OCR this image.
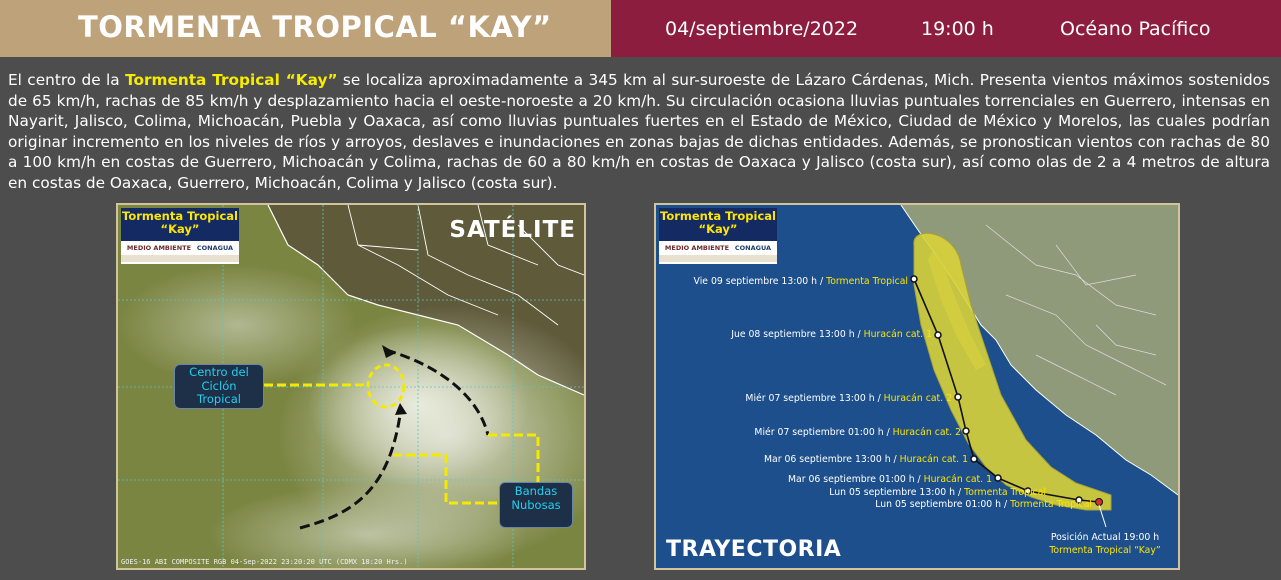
TORMENTA TROPICAL “KAY”	04/septiembre/2022	19:00 h	Océano Pacífico
El centro de la Tormenta Tropical “Kay” se localiza aproximadamente a 345 km al sur-suroeste de Lázaro Cárdenas, Mich. Presenta vientos máximos sostenidos de 65 km/h, rachas de 85 km/h y desplazamiento hacia el oeste-noroeste a 20 km/h. Su circulación ocasiona lluvias puntuales torrenciales en Guerrero, intensas en Nayarit, Jalisco, Colima, Michoacán, Puebla y Oaxaca, así como lluvias puntuales fuertes en el Estado de México, Ciudad de México y Morelos, las cuales podrían originar incremento en los niveles de ríos y arroyos, deslaves e inundaciones en zonas bajas de dichas entidades. Además, se pronostican vientos con rachas de 80 a 100 km/h en costas de Guerrero, Michoacán y Colima, rachas de 60 a 80 km/h en costas de Oaxaca y Jalisco (costa sur), así como olas de 2 a 4 metros de altura en costas de Oaxaca, Guerrero, Michoacán, Colima y Jalisco (costa sur).
Tormenta Tropical
“Kay”
MEDIO AMBIENTE CONAGUA
SATÉLITE
Centro del
Ciclón
Tropical
Bandas
Nubosas
GOES-16 ABI COMPOSITE RGB 04-Sep-2022 23:20:20 UTC (CDMX 18:20 Hrs.)
Tormenta Tropical
“Kay”
MEDIO AMBIENTE CONAGUA
Vie 09 septiembre 13:00 h / Tormenta Tropical
Jue 08 septiembre 13:00 h / Huracán cat. 1
Miér 07 septiembre 13:00 h / Huracán cat. 2
Miér 07 septiembre 01:00 h / Huracán cat. 2
Mar 06 septiembre 13:00 h / Huracán cat. 1
Mar 06 septiembre 01:00 h / Huracán cat. 1
Lun 05 septiembre 13:00 h / Tormenta Tropical
Lun 05 septiembre 01:00 h / Tormenta Tropical
Posición Actual 19:00 h
Tormenta Tropical “Kay”
TRAYECTORIA
